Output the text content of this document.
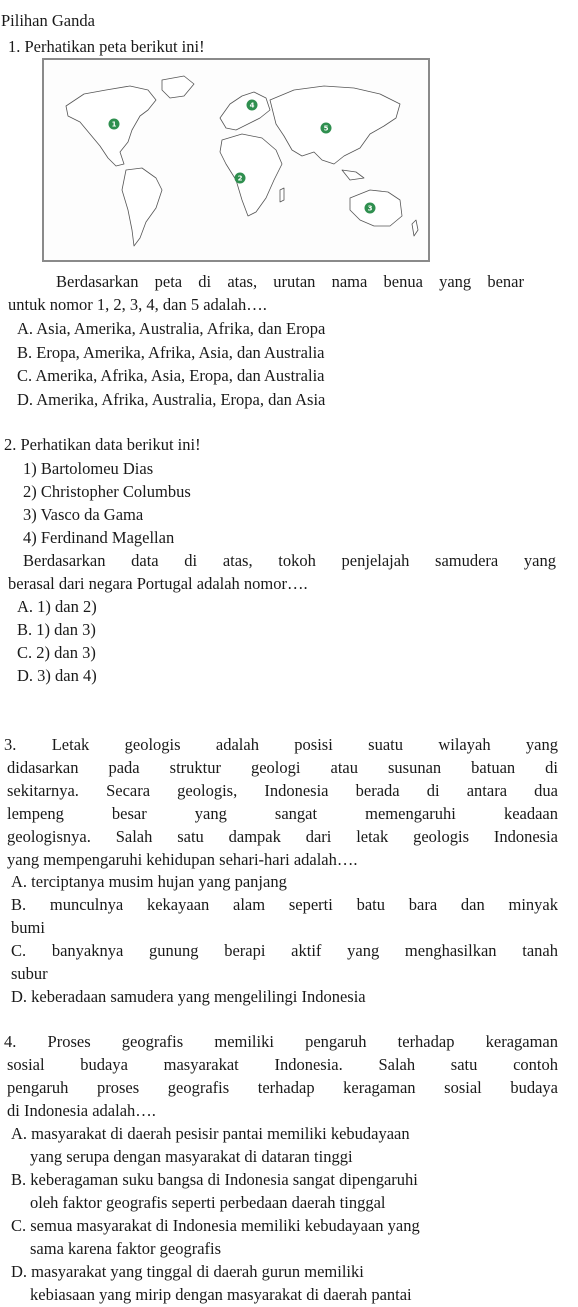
Pilihan Ganda
1. Perhatikan peta berikut ini!
1
2
3
4
5
Berdasarkan peta di atas, urutan nama benua yang benar
untuk nomor 1, 2, 3, 4, dan 5 adalah….
A. Asia, Amerika, Australia, Afrika, dan Eropa
B. Eropa, Amerika, Afrika, Asia, dan Australia
C. Amerika, Afrika, Asia, Eropa, dan Australia
D. Amerika, Afrika, Australia, Eropa, dan Asia
2. Perhatikan data berikut ini!
1) Bartolomeu Dias
2) Christopher Columbus
3) Vasco da Gama
4) Ferdinand Magellan
Berdasarkan data di atas, tokoh penjelajah samudera yang
berasal dari negara Portugal adalah nomor….
A. 1) dan 2)
B. 1) dan 3)
C. 2) dan 3)
D. 3) dan 4)
3. Letak geologis adalah posisi suatu wilayah yang
didasarkan pada struktur geologi atau susunan batuan di
sekitarnya. Secara geologis, Indonesia berada di antara dua
lempeng besar yang sangat memengaruhi keadaan
geologisnya. Salah satu dampak dari letak geologis Indonesia
yang mempengaruhi kehidupan sehari-hari adalah….
A. terciptanya musim hujan yang panjang
B. munculnya kekayaan alam seperti batu bara dan minyak
bumi
C. banyaknya gunung berapi aktif yang menghasilkan tanah
subur
D. keberadaan samudera yang mengelilingi Indonesia
4. Proses geografis memiliki pengaruh terhadap keragaman
sosial budaya masyarakat Indonesia. Salah satu contoh
pengaruh proses geografis terhadap keragaman sosial budaya
di Indonesia adalah….
A. masyarakat di daerah pesisir pantai memiliki kebudayaan
yang serupa dengan masyarakat di dataran tinggi
B. keberagaman suku bangsa di Indonesia sangat dipengaruhi
oleh faktor geografis seperti perbedaan daerah tinggal
C. semua masyarakat di Indonesia memiliki kebudayaan yang
sama karena faktor geografis
D. masyarakat yang tinggal di daerah gurun memiliki
kebiasaan yang mirip dengan masyarakat di daerah pantai
